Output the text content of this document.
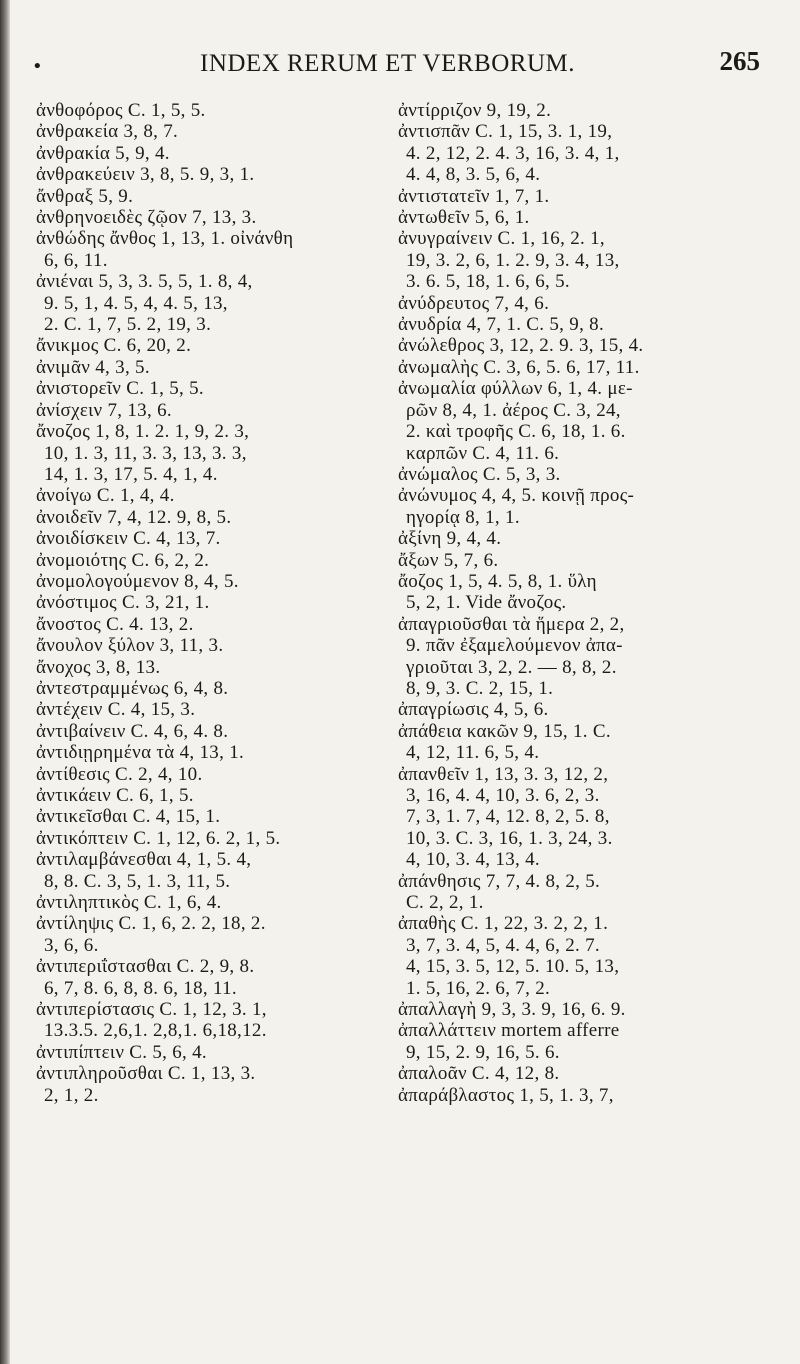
•	INDEX RERUM ET VERBORUM.	265
ἀνθοφόρος C. 1, 5, 5.
ἀνθρακεία 3, 8, 7.
ἀνθρακία 5, 9, 4.
ἀνθρακεύειν 3, 8, 5. 9, 3, 1.
ἄνθραξ 5, 9.
ἀνθρηνοειδὲς ζῷον 7, 13, 3.
ἀνθώδης ἄνθος 1, 13, 1. οἰνάνθη
6, 6, 11.
ἀνιέναι 5, 3, 3. 5, 5, 1. 8, 4,
9. 5, 1, 4. 5, 4, 4. 5, 13,
2. C. 1, 7, 5. 2, 19, 3.
ἄνικμος C. 6, 20, 2.
ἀνιμᾶν 4, 3, 5.
ἀνιστορεῖν C. 1, 5, 5.
ἀνίσχειν 7, 13, 6.
ἄνοζος 1, 8, 1. 2. 1, 9, 2. 3,
10, 1. 3, 11, 3. 3, 13, 3. 3,
14, 1. 3, 17, 5. 4, 1, 4.
ἀνοίγω C. 1, 4, 4.
ἀνοιδεῖν 7, 4, 12. 9, 8, 5.
ἀνοιδίσκειν C. 4, 13, 7.
ἀνομοιότης C. 6, 2, 2.
ἀνομολογούμενον 8, 4, 5.
ἀνόστιμος C. 3, 21, 1.
ἄνοστος C. 4. 13, 2.
ἄνουλον ξύλον 3, 11, 3.
ἄνοχος 3, 8, 13.
ἀντεστραμμένως 6, 4, 8.
ἀντέχειν C. 4, 15, 3.
ἀντιβαίνειν C. 4, 6, 4. 8.
ἀντιδιῃρημένα τὰ 4, 13, 1.
ἀντίθεσις C. 2, 4, 10.
ἀντικάειν C. 6, 1, 5.
ἀντικεῖσθαι C. 4, 15, 1.
ἀντικόπτειν C. 1, 12, 6. 2, 1, 5.
ἀντιλαμβάνεσθαι 4, 1, 5. 4,
8, 8. C. 3, 5, 1. 3, 11, 5.
ἀντιληπτικὸς C. 1, 6, 4.
ἀντίληψις C. 1, 6, 2. 2, 18, 2.
3, 6, 6.
ἀντιπεριΐστασθαι C. 2, 9, 8.
6, 7, 8. 6, 8, 8. 6, 18, 11.
ἀντιπερίστασις C. 1, 12, 3. 1,
13.3.5. 2,6,1. 2,8,1. 6,18,12.
ἀντιπίπτειν C. 5, 6, 4.
ἀντιπληροῦσθαι C. 1, 13, 3.
2, 1, 2.
ἀντίρριζον 9, 19, 2.
ἀντισπᾶν C. 1, 15, 3. 1, 19,
4. 2, 12, 2. 4. 3, 16, 3. 4, 1,
4. 4, 8, 3. 5, 6, 4.
ἀντιστατεῖν 1, 7, 1.
ἀντωθεῖν 5, 6, 1.
ἀνυγραίνειν C. 1, 16, 2. 1,
19, 3. 2, 6, 1. 2. 9, 3. 4, 13,
3. 6. 5, 18, 1. 6, 6, 5.
ἀνύδρευτος 7, 4, 6.
ἀνυδρία 4, 7, 1. C. 5, 9, 8.
ἀνώλεθρος 3, 12, 2. 9. 3, 15, 4.
ἀνωμαλὴς C. 3, 6, 5. 6, 17, 11.
ἀνωμαλία φύλλων 6, 1, 4. με-
ρῶν 8, 4, 1. ἀέρος C. 3, 24,
2. καὶ τροφῆς C. 6, 18, 1. 6.
καρπῶν C. 4, 11. 6.
ἀνώμαλος C. 5, 3, 3.
ἀνώνυμος 4, 4, 5. κοινῇ προς-
ηγορίᾳ 8, 1, 1.
ἀξίνη 9, 4, 4.
ἄξων 5, 7, 6.
ἄοζος 1, 5, 4. 5, 8, 1. ὕλη
5, 2, 1. Vide ἄνοζος.
ἀπαγριοῦσθαι τὰ ἥμερα 2, 2,
9. πᾶν ἐξαμελούμενον ἀπα-
γριοῦται 3, 2, 2. — 8, 8, 2.
8, 9, 3. C. 2, 15, 1.
ἀπαγρίωσις 4, 5, 6.
ἀπάθεια κακῶν 9, 15, 1. C.
4, 12, 11. 6, 5, 4.
ἀπανθεῖν 1, 13, 3. 3, 12, 2,
3, 16, 4. 4, 10, 3. 6, 2, 3.
7, 3, 1. 7, 4, 12. 8, 2, 5. 8,
10, 3. C. 3, 16, 1. 3, 24, 3.
4, 10, 3. 4, 13, 4.
ἀπάνθησις 7, 7, 4. 8, 2, 5.
C. 2, 2, 1.
ἀπαθὴς C. 1, 22, 3. 2, 2, 1.
3, 7, 3. 4, 5, 4. 4, 6, 2. 7.
4, 15, 3. 5, 12, 5. 10. 5, 13,
1. 5, 16, 2. 6, 7, 2.
ἀπαλλαγὴ 9, 3, 3. 9, 16, 6. 9.
ἀπαλλάττειν mortem afferre
9, 15, 2. 9, 16, 5. 6.
ἀπαλοᾶν C. 4, 12, 8.
ἀπαράβλαστος 1, 5, 1. 3, 7,
